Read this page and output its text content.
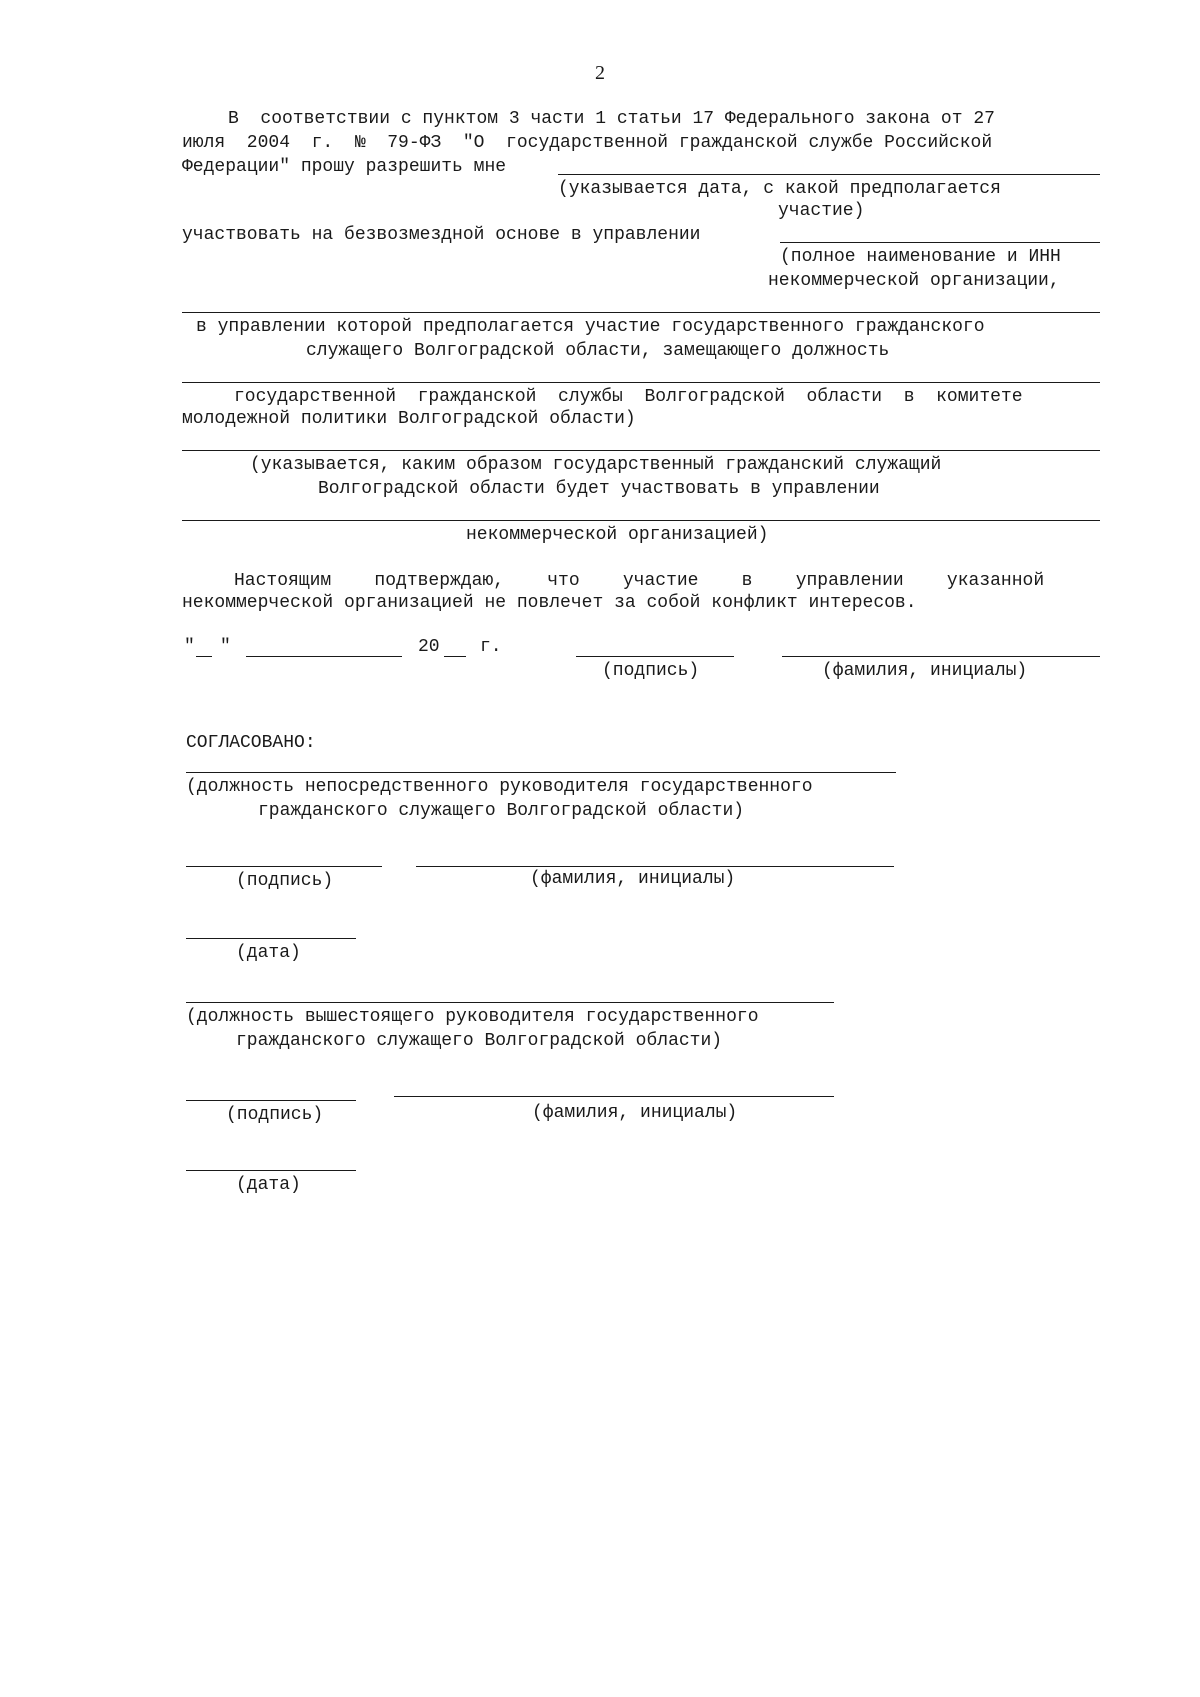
2
В  соответствии с пунктом 3 части 1 статьи 17 Федерального закона от 27
июля  2004  г.  №  79-ФЗ  "О  государственной гражданской службе Российской
Федерации" прошу разрешить мне
(указывается дата, с какой предполагается
участие)
участвовать на безвозмездной основе в управлении
(полное наименование и ИНН
некоммерческой организации,
в управлении которой предполагается участие государственного гражданского
служащего Волгоградской области, замещающего должность
государственной  гражданской  службы  Волгоградской  области  в  комитете
молодежной политики Волгоградской области)
(указывается, каким образом государственный гражданский служащий
Волгоградской области будет участвовать в управлении
некоммерческой организацией)
Настоящим    подтверждаю,    что    участие    в    управлении    указанной
некоммерческой организацией не повлечет за собой конфликт интересов.
" "	20 г.
(подпись)	(фамилия, инициалы)
СОГЛАСОВАНО:
(должность непосредственного руководителя государственного
гражданского служащего Волгоградской области)
(подпись)	(фамилия, инициалы)
(дата)
(должность вышестоящего руководителя государственного
гражданского служащего Волгоградской области)
(подпись)	(фамилия, инициалы)
(дата)
